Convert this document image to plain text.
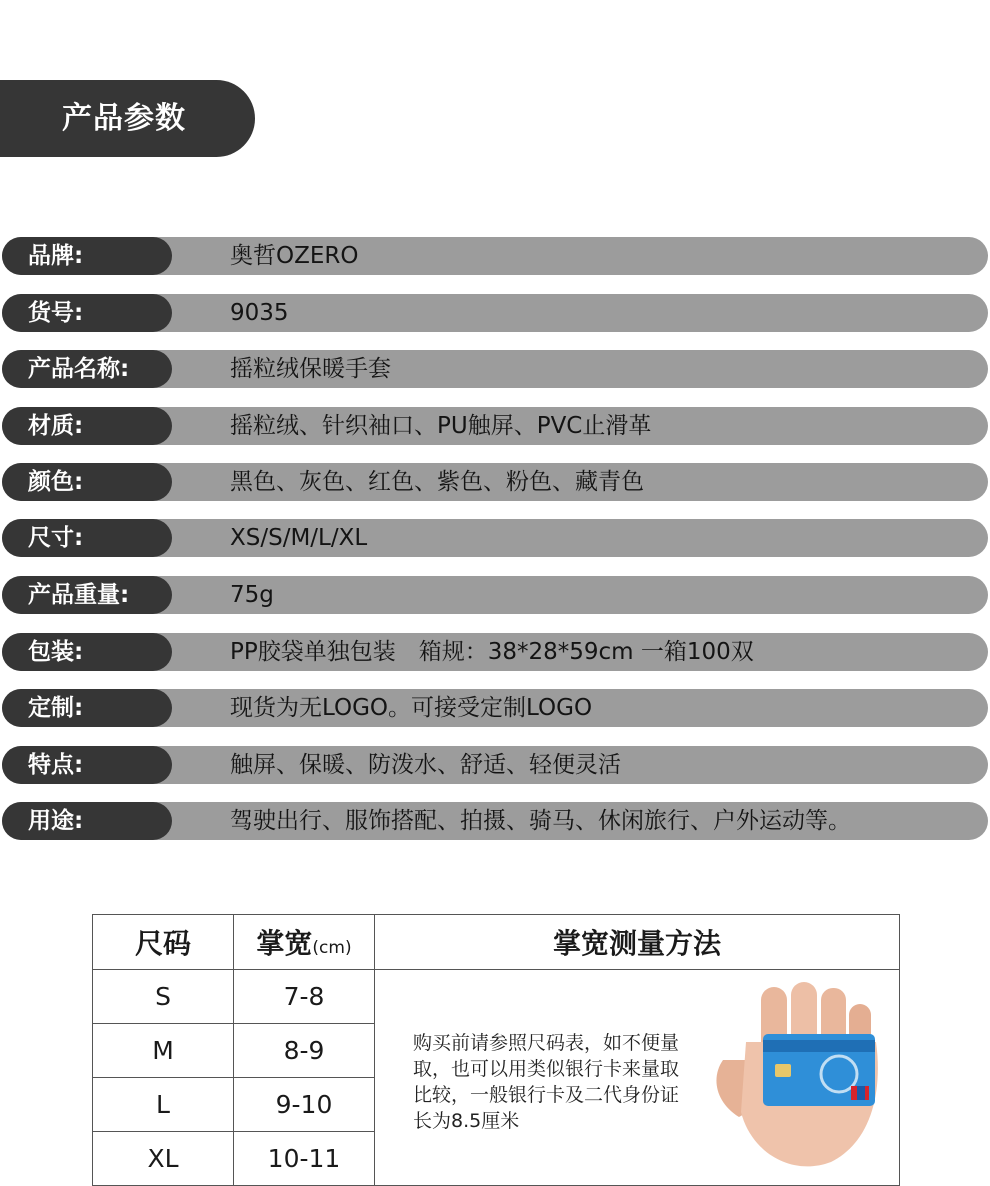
产品参数
品牌:	奥哲OZERO
货号:	9035
产品名称:	摇粒绒保暖手套
材质:	摇粒绒、针织袖口、PU触屏、PVC止滑革
颜色:	黑色、灰色、红色、紫色、粉色、藏青色
尺寸:	XS/S/M/L/XL
产品重量:	75g
包装:	PP胶袋单独包装　箱规：38*28*59cm 一箱100双
定制:	现货为无LOGO。可接受定制LOGO
特点:	触屏、保暖、防泼水、舒适、轻便灵活
用途:	驾驶出行、服饰搭配、拍摄、骑马、休闲旅行、户外运动等。
尺码	掌宽(cm)	掌宽测量方法
S	7-8	购买前请参照尺码表，如不便量取，也可以用类似银行卡来量取比较，一般银行卡及二代身份证长为8.5厘米

M	8-9	
L	9-10	
XL	10-11	
